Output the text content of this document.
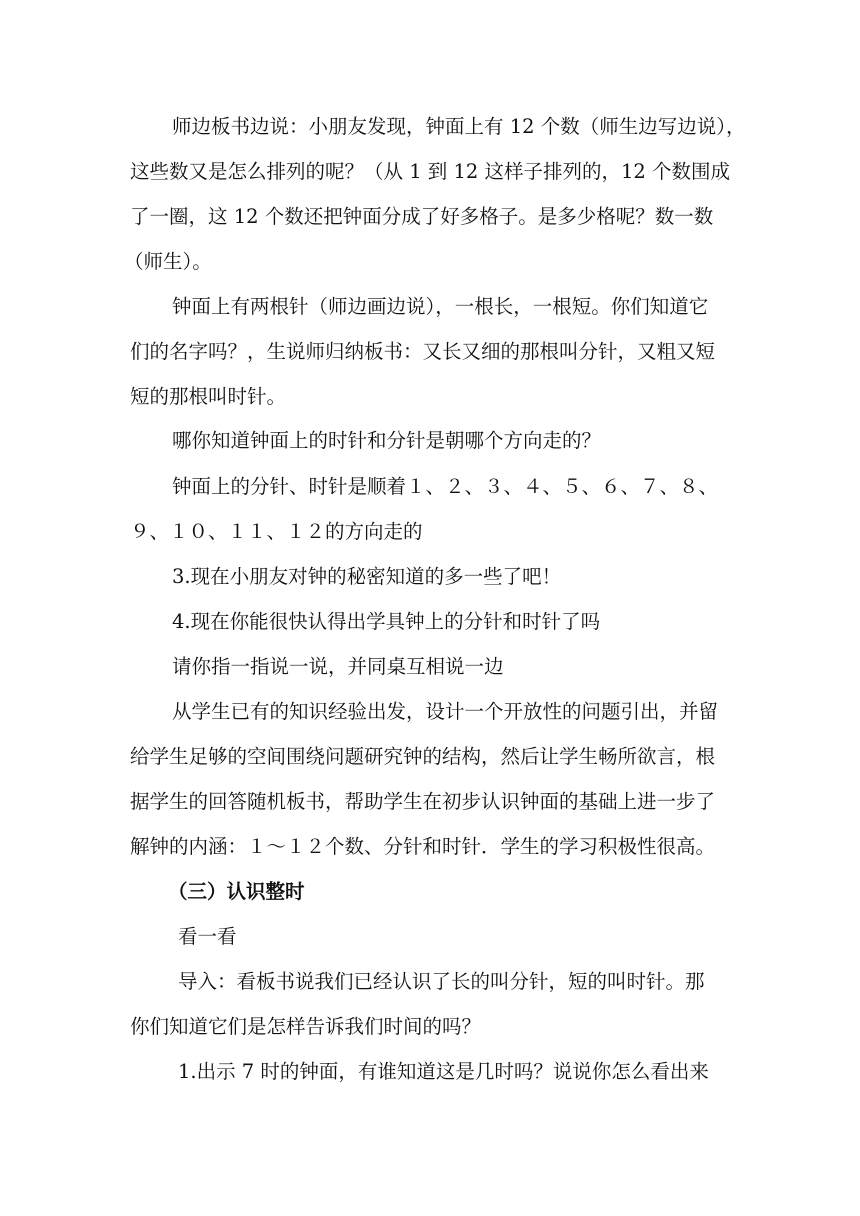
师边板书边说：小朋友发现，钟面上有 12 个数（师生边写边说），
这些数又是怎么排列的呢？（从 1 到 12 这样子排列的，12 个数围成
了一圈，这 12 个数还把钟面分成了好多格子。是多少格呢？数一数
（师生）。
钟面上有两根针（师边画边说），一根长，一根短。你们知道它
们的名字吗？，生说师归纳板书：又长又细的那根叫分针，又粗又短
短的那根叫时针。
哪你知道钟面上的时针和分针是朝哪个方向走的？
钟面上的分针、时针是顺着１、２、３、４、５、６、７、８、
９、１０、１１、１２的方向走的
3.现在小朋友对钟的秘密知道的多一些了吧！
4.现在你能很快认得出学具钟上的分针和时针了吗
请你指一指说一说，并同桌互相说一边
从学生已有的知识经验出发，设计一个开放性的问题引出，并留
给学生足够的空间围绕问题研究钟的结构，然后让学生畅所欲言，根
据学生的回答随机板书，帮助学生在初步认识钟面的基础上进一步了
解钟的内涵：１～１２个数、分针和时针．学生的学习积极性很高。
（三）认识整时
看一看
导入：看板书说我们已经认识了长的叫分针，短的叫时针。那
你们知道它们是怎样告诉我们时间的吗？
1.出示 7 时的钟面，有谁知道这是几时吗？说说你怎么看出来
